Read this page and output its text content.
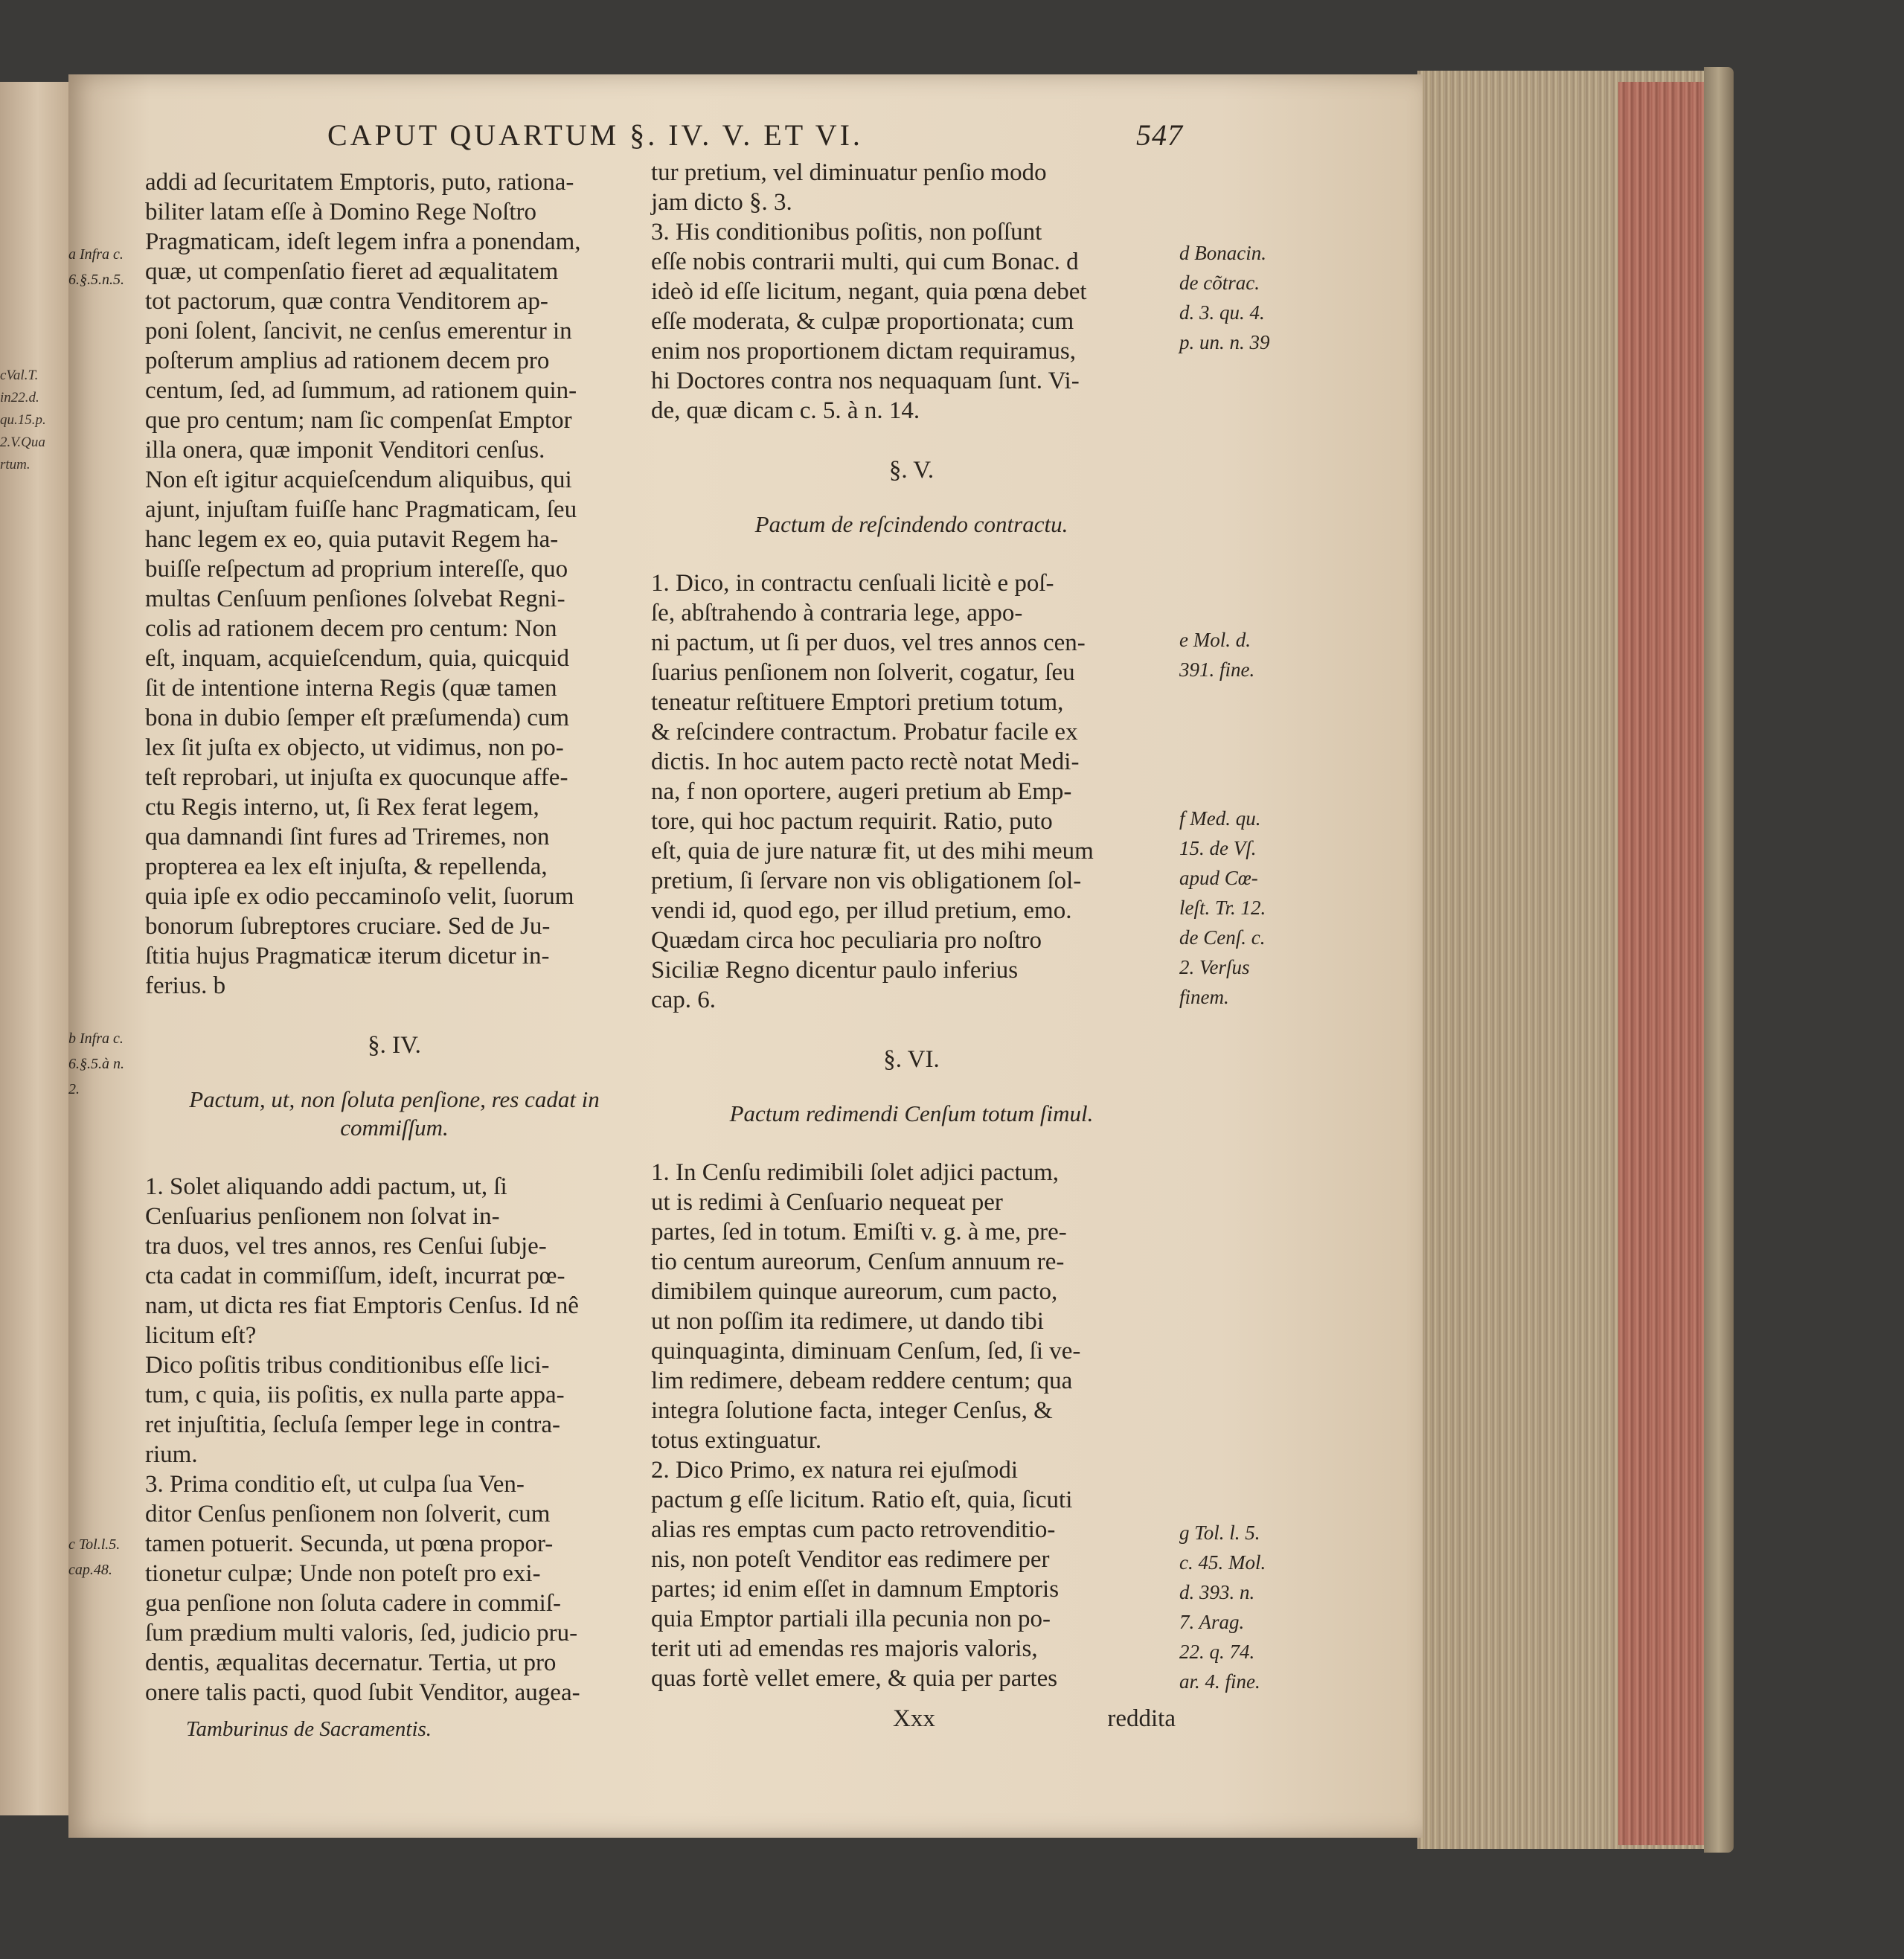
cVal.T.
in22.d.
qu.15.p.
2.V.Qua
rtum.
CAPUT QUARTUM §. IV. V. ET VI.	547
a Infra c.
6.§.5.n.5.

b Infra c.
6.§.5.à n.
2.

c Tol.l.5.
cap.48.
addi ad ſecuritatem Emptoris, puto, rationa-
biliter latam eſſe à Domino Rege Noſtro
Pragmaticam, ideſt legem infra a ponendam,
quæ, ut compenſatio fieret ad æqualitatem
tot pactorum, quæ contra Venditorem ap-
poni ſolent, ſancivit, ne cenſus emerentur in
poſterum amplius ad rationem decem pro
centum, ſed, ad ſummum, ad rationem quin-
que pro centum; nam ſic compenſat Emptor
illa onera, quæ imponit Venditori cenſus.
Non eſt igitur acquieſcendum aliquibus, qui
ajunt, injuſtam fuiſſe hanc Pragmaticam, ſeu
hanc legem ex eo, quia putavit Regem ha-
buiſſe reſpectum ad proprium intereſſe, quo
multas Cenſuum penſiones ſolvebat Regni-
colis ad rationem decem pro centum: Non
eſt, inquam, acquieſcendum, quia, quicquid
ſit de intentione interna Regis (quæ tamen
bona in dubio ſemper eſt præſumenda) cum
lex ſit juſta ex objecto, ut vidimus, non po-
teſt reprobari, ut injuſta ex quocunque affe-
ctu Regis interno, ut, ſi Rex ferat legem,
qua damnandi ſint fures ad Triremes, non
propterea ea lex eſt injuſta, & repellenda,
quia ipſe ex odio peccaminoſo velit, ſuorum
bonorum ſubreptores cruciare. Sed de Ju-
ſtitia hujus Pragmaticæ iterum dicetur in-
ferius. b
§. IV.
Pactum, ut, non ſoluta penſione, res cadat in commiſſum.
1. Solet aliquando addi pactum, ut, ſi
Cenſuarius penſionem non ſolvat in-
tra duos, vel tres annos, res Cenſui ſubje-
cta cadat in commiſſum, ideſt, incurrat pœ-
nam, ut dicta res fiat Emptoris Cenſus. Id nê
licitum eſt?
Dico poſitis tribus conditionibus eſſe lici-
tum, c quia, iis poſitis, ex nulla parte appa-
ret injuſtitia, ſecluſa ſemper lege in contra-
rium.
3. Prima conditio eſt, ut culpa ſua Ven-
ditor Cenſus penſionem non ſolverit, cum
tamen potuerit. Secunda, ut pœna propor-
tionetur culpæ; Unde non poteſt pro exi-
gua penſione non ſoluta cadere in commiſ-
ſum prædium multi valoris, ſed, judicio pru-
dentis, æqualitas decernatur. Tertia, ut pro
onere talis pacti, quod ſubit Venditor, augea-
tur pretium, vel diminuatur penſio modo
jam dicto §. 3.
3. His conditionibus poſitis, non poſſunt
eſſe nobis contrarii multi, qui cum Bonac. d
ideò id eſſe licitum, negant, quia pœna debet
eſſe moderata, & culpæ proportionata; cum
enim nos proportionem dictam requiramus,
hi Doctores contra nos nequaquam ſunt. Vi-
de, quæ dicam c. 5. à n. 14.
§. V.
Pactum de reſcindendo contractu.
1. Dico, in contractu cenſuali licitè e poſ-
ſe, abſtrahendo à contraria lege, appo-
ni pactum, ut ſi per duos, vel tres annos cen-
ſuarius penſionem non ſolverit, cogatur, ſeu
teneatur reſtituere Emptori pretium totum,
& reſcindere contractum. Probatur facile ex
dictis. In hoc autem pacto rectè notat Medi-
na, f non oportere, augeri pretium ab Emp-
tore, qui hoc pactum requirit. Ratio, puto
eſt, quia de jure naturæ fit, ut des mihi meum
pretium, ſi ſervare non vis obligationem ſol-
vendi id, quod ego, per illud pretium, emo.
Quædam circa hoc peculiaria pro noſtro
Siciliæ Regno dicentur paulo inferius
cap. 6.
§. VI.
Pactum redimendi Cenſum totum ſimul.
1. In Cenſu redimibili ſolet adjici pactum,
ut is redimi à Cenſuario nequeat per
partes, ſed in totum. Emiſti v. g. à me, pre-
tio centum aureorum, Cenſum annuum re-
dimibilem quinque aureorum, cum pacto,
ut non poſſim ita redimere, ut dando tibi
quinquaginta, diminuam Cenſum, ſed, ſi ve-
lim redimere, debeam reddere centum; qua
integra ſolutione facta, integer Cenſus, &
totus extinguatur.
2. Dico Primo, ex natura rei ejuſmodi
pactum g eſſe licitum. Ratio eſt, quia, ſicuti
alias res emptas cum pacto retrovenditio-
nis, non poteſt Venditor eas redimere per
partes; id enim eſſet in damnum Emptoris
quia Emptor partiali illa pecunia non po-
terit uti ad emendas res majoris valoris,
quas fortè vellet emere, & quia per partes
d Bonacin.
de cõtrac.
d. 3. qu. 4.
p. un. n. 39

e Mol. d.
391. fine.

f Med. qu.
15. de Vſ.
apud Cœ-
leſt. Tr. 12.
de Cenſ. c.
2. Verſus
finem.

g Tol. l. 5.
c. 45. Mol.
d. 393. n.
7. Arag.
22. q. 74.
ar. 4. fine.
Tamburinus de Sacramentis.	Xxx	reddita
